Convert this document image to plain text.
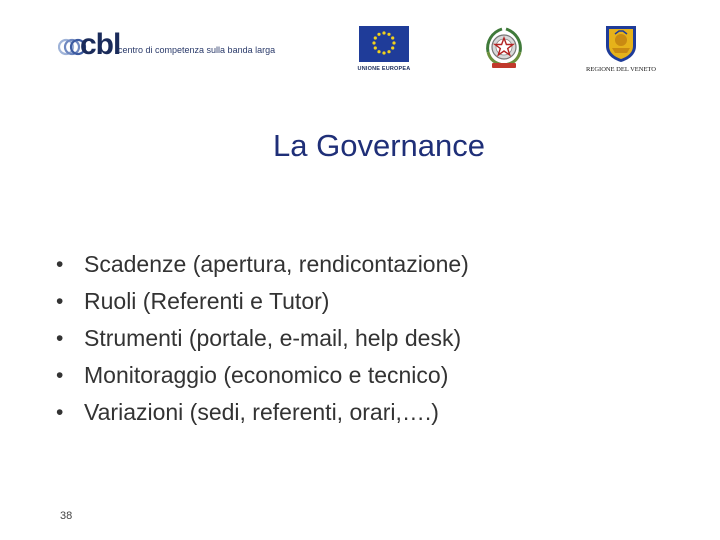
cbl
centro di competenza sulla banda larga
UNIONE EUROPEA	REGIONE DEL VENETO
La Governance
• Scadenze (apertura, rendicontazione)
• Ruoli (Referenti e Tutor)
• Strumenti (portale, e-mail, help desk)
• Monitoraggio (economico e tecnico)
• Variazioni (sedi, referenti, orari,….)
38
